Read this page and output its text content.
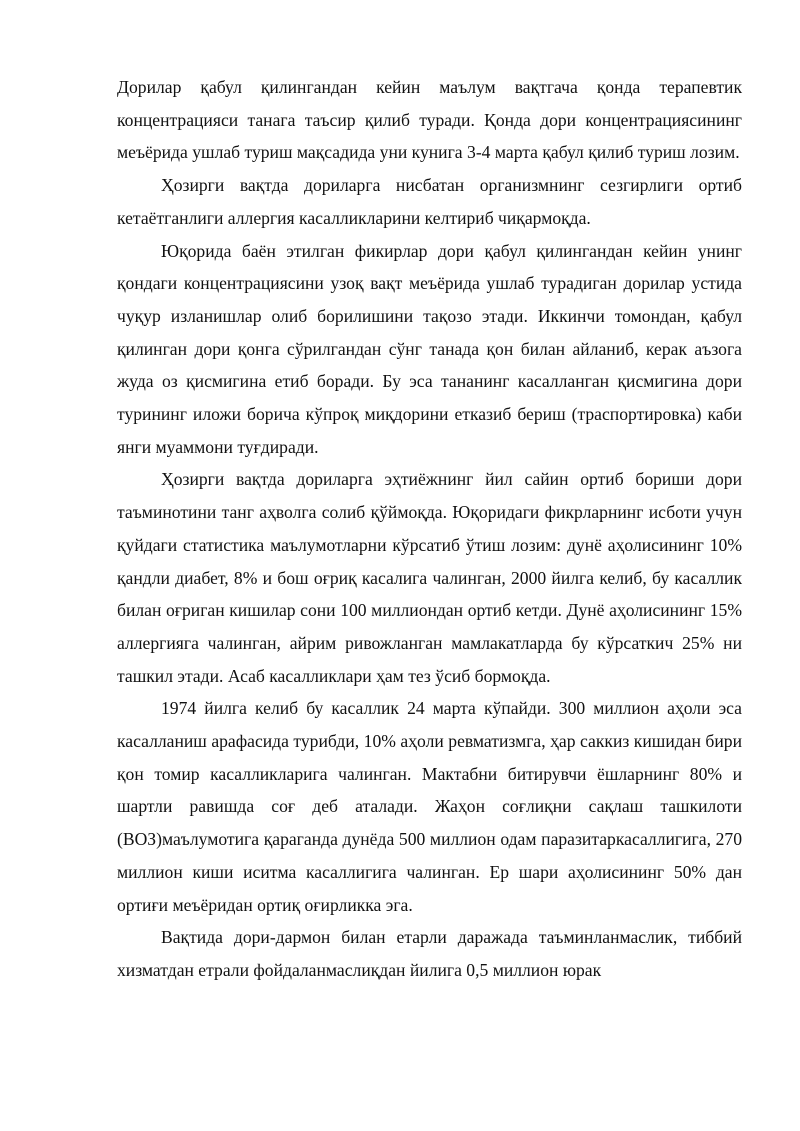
Дорилар қабул қилингандан кейин маълум вақтгача қонда терапевтик концентрацияси танага таъсир қилиб туради. Қонда дори концентрациясининг меъёрида ушлаб туриш мақсадида уни кунига 3-4 марта қабул қилиб туриш лозим.

Ҳозирги вақтда дориларга нисбатан организмнинг сезгирлиги ортиб кетаётганлиги аллергия касалликларини келтириб чиқармоқда.

Юқорида баён этилган фикирлар дори қабул қилингандан кейин унинг қондаги концентрациясини узоқ вақт меъёрида ушлаб турадиган дорилар устида чуқур изланишлар олиб борилишини тақозо этади. Иккинчи томондан, қабул қилинган дори қонга сўрилгандан сўнг танада қон билан айланиб, керак аъзога жуда оз қисмигина етиб боради. Бу эса тананинг касалланган қисмигина дори турининг иложи борича кўпроқ миқдорини етказиб бериш (траспортировка) каби янги муаммони туғдиради.

Ҳозирги вақтда дориларга эҳтиёжнинг йил сайин ортиб бориши дори таъминотини танг аҳволга солиб қўймоқда. Юқоридаги фикрларнинг исботи учун қуйдаги статистика маълумотларни кўрсатиб ўтиш лозим: дунё аҳолисининг 10% қандли диабет, 8% и бош оғриқ касалига чалинган, 2000 йилга келиб, бу касаллик билан оғриган кишилар сони 100 миллиондан ортиб кетди. Дунё аҳолисининг 15% аллергияга чалинган, айрим ривожланган мамлакатларда бу кўрсаткич 25% ни ташкил этади. Асаб касалликлари ҳам тез ўсиб бормоқда.

1974 йилга келиб бу касаллик 24 марта кўпайди. 300 миллион аҳоли эса касалланиш арафасида турибди, 10% аҳоли ревматизмга, ҳар саккиз кишидан бири қон томир касалликларига чалинган. Мактабни битирувчи ёшларнинг 80% и шартли равишда соғ деб аталади. Жаҳон соғлиқни сақлаш ташкилоти (ВОЗ)маълумотига қараганда дунёда 500 миллион одам паразитаркасаллигига, 270 миллион киши иситма касаллигига чалинган. Ер шари аҳолисининг 50% дан ортиғи меъёридан ортиқ оғирликка эга.

Вақтида дори-дармон билан етарли даражада таъминланмаслик, тиббий хизматдан етрали фойдаланмаслиқдан йилига 0,5 миллион юрак
